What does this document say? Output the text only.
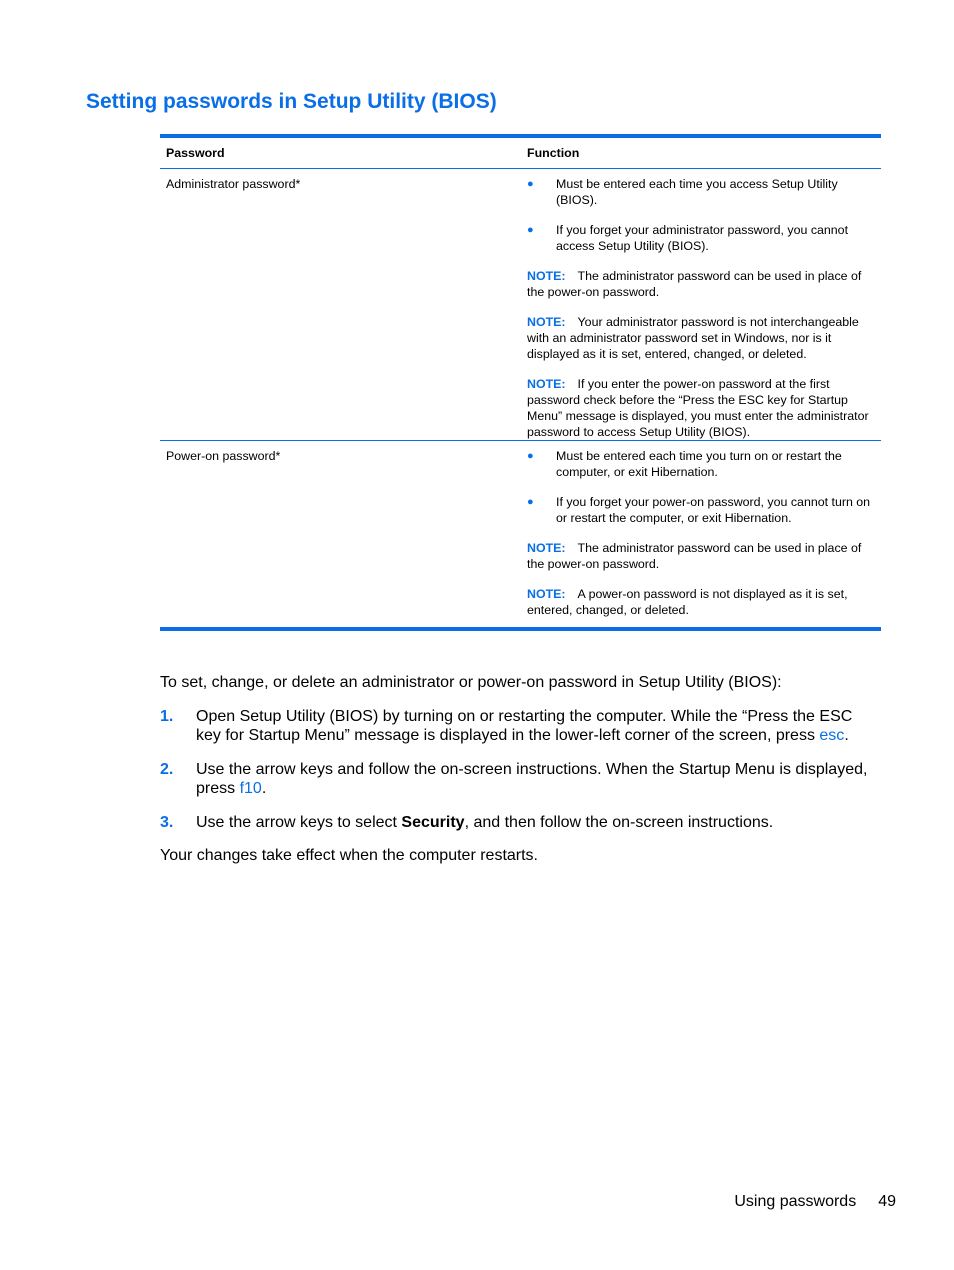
Setting passwords in Setup Utility (BIOS)
Password	Function
Administrator password*	● Must be entered each time you access Setup Utility (BIOS).
● If you forget your administrator password, you cannot access Setup Utility (BIOS).
NOTE: The administrator password can be used in place of the power-on password.
NOTE: Your administrator password is not interchangeable with an administrator password set in Windows, nor is it displayed as it is set, entered, changed, or deleted.
NOTE: If you enter the power-on password at the first password check before the “Press the ESC key for Startup Menu” message is displayed, you must enter the administrator password to access Setup Utility (BIOS).
Power-on password*	● Must be entered each time you turn on or restart the computer, or exit Hibernation.
● If you forget your power-on password, you cannot turn on or restart the computer, or exit Hibernation.
NOTE: The administrator password can be used in place of the power-on password.
NOTE: A power-on password is not displayed as it is set, entered, changed, or deleted.

To set, change, or delete an administrator or power-on password in Setup Utility (BIOS):

1.	Open Setup Utility (BIOS) by turning on or restarting the computer. While the “Press the ESC key for Startup Menu” message is displayed in the lower-left corner of the screen, press esc.
2.	Use the arrow keys and follow the on-screen instructions. When the Startup Menu is displayed, press f10.
3.	Use the arrow keys to select Security, and then follow the on-screen instructions.

Your changes take effect when the computer restarts.

Using passwords 49
